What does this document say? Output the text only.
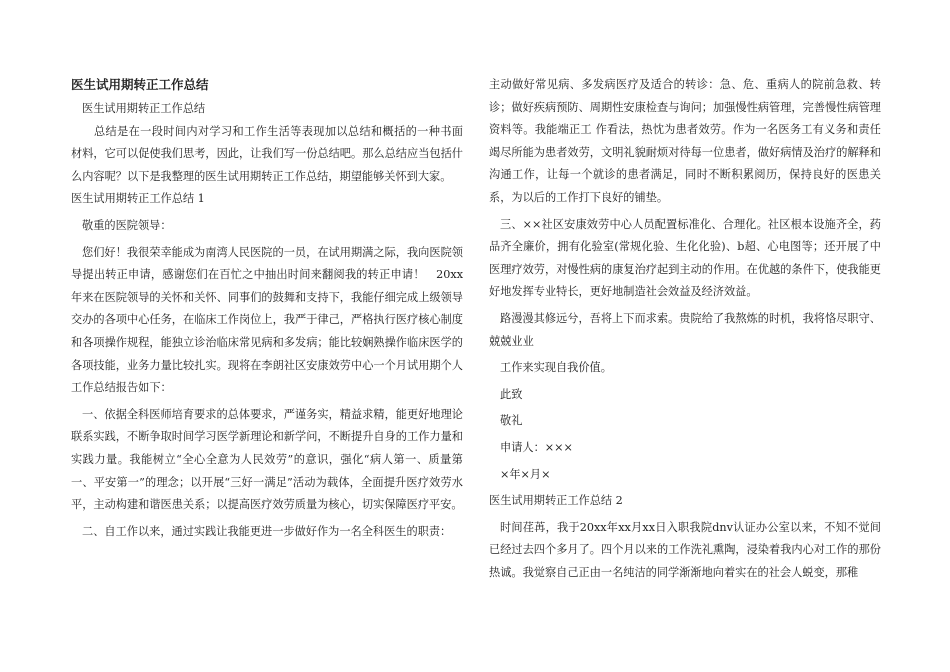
医生试用期转正工作总结

医生试用期转正工作总结

总结是在一段时间内对学习和工作生活等表现加以总结和概括的一种书面材料，它可以促使我们思考，因此，让我们写一份总结吧。那么总结应当包括什么内容呢？以下是我整理的医生试用期转正工作总结，期望能够关怀到大家。

医生试用期转正工作总结 1

敬重的医院领导：

您们好！我很荣幸能成为南湾人民医院的一员，在试用期满之际，我向医院领导提出转正申请，感谢您们在百忙之中抽出时间来翻阅我的转正申请！　20xx年来在医院领导的关怀和关怀、同事们的鼓舞和支持下，我能仔细完成上级领导交办的各项中心任务，在临床工作岗位上，我严于律己，严格执行医疗核心制度和各项操作规程，能独立诊治临床常见病和多发病；能比较娴熟操作临床医学的各项技能，业务力量比较扎实。现将在李朗社区安康效劳中心一个月试用期个人工作总结报告如下：

一、依据全科医师培育要求的总体要求，严谨务实，精益求精，能更好地理论联系实践，不断争取时间学习医学新理论和新学问，不断提升自身的工作力量和实践力量。我能树立“全心全意为人民效劳”的意识，强化“病人第一、质量第一、平安第一”的理念；以开展“三好一满足”活动为载体，全面提升医疗效劳水平，主动构建和谐医患关系；以提高医疗效劳质量为核心，切实保障医疗平安。

二、自工作以来，通过实践让我能更进一步做好作为一名全科医生的职责：

主动做好常见病、多发病医疗及适合的转诊：急、危、重病人的院前急救、转诊；做好疾病预防、周期性安康检查与询问；加强慢性病管理，完善慢性病管理资料等。我能端正工 作看法，热忱为患者效劳。作为一名医务工有义务和责任竭尽所能为患者效劳，文明礼貌耐烦对待每一位患者，做好病情及治疗的解释和沟通工作，让每一个就诊的患者满足，同时不断积累阅历，保持良好的医患关系，为以后的工作打下良好的铺垫。

三、××社区安康效劳中心人员配置标准化、合理化。社区根本设施齐全，药品齐全廉价，拥有化验室(常规化验、生化化验)、b超、心电图等；还开展了中医理疗效劳，对慢性病的康复治疗起到主动的作用。在优越的条件下，使我能更好地发挥专业特长，更好地制造社会效益及经济效益。

路漫漫其修远兮，吾将上下而求索。贵院给了我熬炼的时机，我将恪尽职守、兢兢业业

工作来实现自我价值。

此致

敬礼

申请人：×××

×年×月×

医生试用期转正工作总结 2

时间荏苒，我于20xx年xx月xx日入职我院dnv认证办公室以来，不知不觉间已经过去四个多月了。四个月以来的工作洗礼熏陶，浸染着我内心对工作的那份热诚。我觉察自己正由一名纯洁的同学渐渐地向着实在的社会人蜕变，那稚
